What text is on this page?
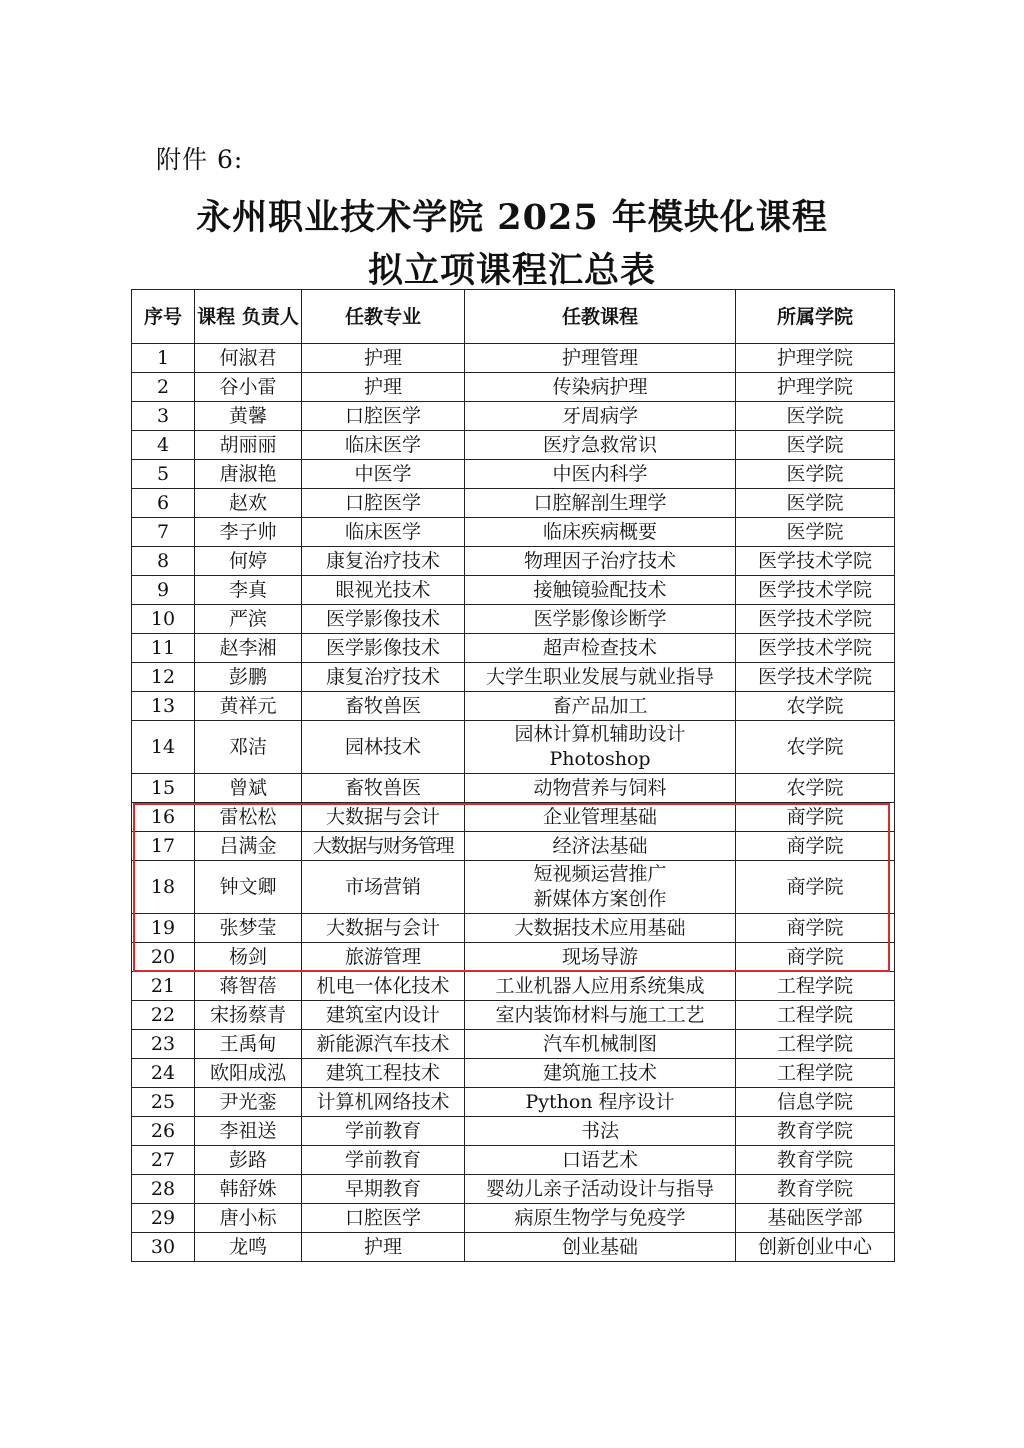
附件 6:
永州职业技术学院 2025 年模块化课程
拟立项课程汇总表
序号	课程 负责人	任教专业	任教课程	所属学院
1	何淑君	护理	护理管理	护理学院
2	谷小雷	护理	传染病护理	护理学院
3	黄馨	口腔医学	牙周病学	医学院
4	胡丽丽	临床医学	医疗急救常识	医学院
5	唐淑艳	中医学	中医内科学	医学院
6	赵欢	口腔医学	口腔解剖生理学	医学院
7	李子帅	临床医学	临床疾病概要	医学院
8	何婷	康复治疗技术	物理因子治疗技术	医学技术学院
9	李真	眼视光技术	接触镜验配技术	医学技术学院
10	严滨	医学影像技术	医学影像诊断学	医学技术学院
11	赵李湘	医学影像技术	超声检查技术	医学技术学院
12	彭鹏	康复治疗技术	大学生职业发展与就业指导	医学技术学院
13	黄祥元	畜牧兽医	畜产品加工	农学院
14	邓洁	园林技术	园林计算机辅助设计
Photoshop	农学院
15	曾斌	畜牧兽医	动物营养与饲料	农学院
16	雷松松	大数据与会计	企业管理基础	商学院
17	吕满金	大数据与财务管理	经济法基础	商学院
18	钟文卿	市场营销	短视频运营推广
新媒体方案创作	商学院
19	张梦莹	大数据与会计	大数据技术应用基础	商学院
20	杨剑	旅游管理	现场导游	商学院
21	蒋智蓓	机电一体化技术	工业机器人应用系统集成	工程学院
22	宋扬蔡青	建筑室内设计	室内装饰材料与施工工艺	工程学院
23	王禹甸	新能源汽车技术	汽车机械制图	工程学院
24	欧阳成泓	建筑工程技术	建筑施工技术	工程学院
25	尹光銮	计算机网络技术	Python 程序设计	信息学院
26	李祖送	学前教育	书法	教育学院
27	彭路	学前教育	口语艺术	教育学院
28	韩舒姝	早期教育	婴幼儿亲子活动设计与指导	教育学院
29	唐小标	口腔医学	病原生物学与免疫学	基础医学部
30	龙鸣	护理	创业基础	创新创业中心
